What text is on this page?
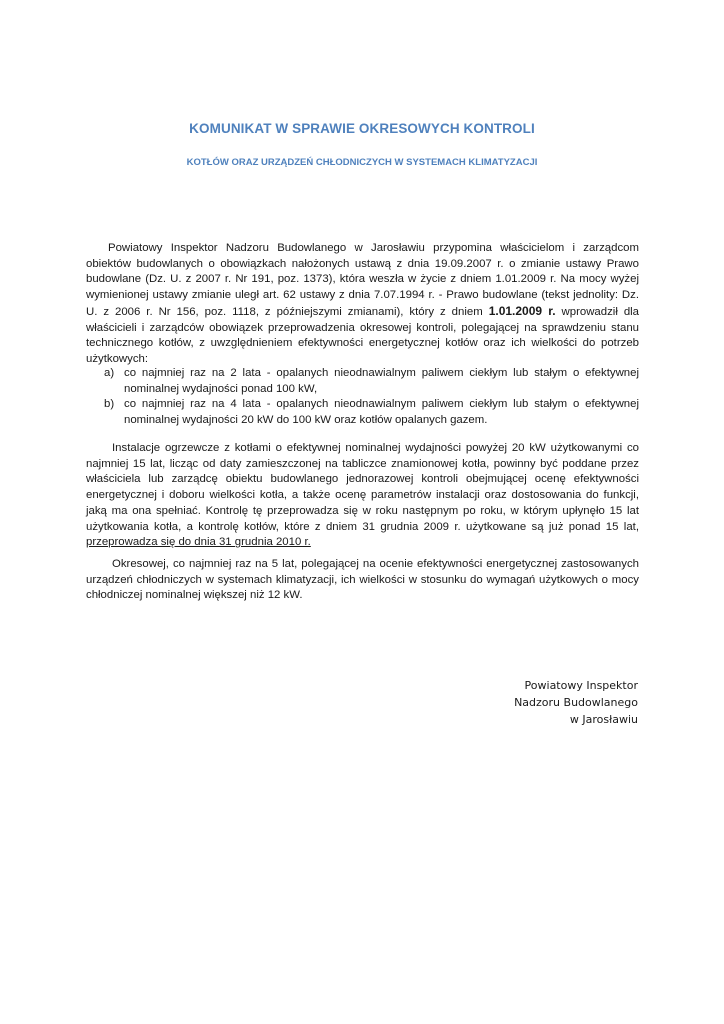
KOMUNIKAT W SPRAWIE OKRESOWYCH KONTROLI
KOTŁÓW ORAZ URZĄDZEŃ CHŁODNICZYCH W SYSTEMACH KLIMATYZACJI

Powiatowy Inspektor Nadzoru Budowlanego w Jarosławiu przypomina właścicielom i zarządcom obiektów budowlanych o obowiązkach nałożonych ustawą z dnia 19.09.2007 r. o zmianie ustawy Prawo budowlane (Dz. U. z 2007 r. Nr 191, poz. 1373), która weszła w życie z dniem 1.01.2009 r. Na mocy wyżej wymienionej ustawy zmianie uległ art. 62 ustawy z dnia 7.07.1994 r. - Prawo budowlane (tekst jednolity: Dz. U. z 2006 r. Nr 156, poz. 1118, z późniejszymi zmianami), który z dniem 1.01.2009 r. wprowadził dla właścicieli i zarządców obowiązek przeprowadzenia okresowej kontroli, polegającej na sprawdzeniu stanu technicznego kotłów, z uwzględnieniem efektywności energetycznej kotłów oraz ich wielkości do potrzeb użytkowych:

a) co najmniej raz na 2 lata - opalanych nieodnawialnym paliwem ciekłym lub stałym o efektywnej nominalnej wydajności ponad 100 kW,
b) co najmniej raz na 4 lata - opalanych nieodnawialnym paliwem ciekłym lub stałym o efektywnej nominalnej wydajności 20 kW do 100 kW oraz kotłów opalanych gazem.

Instalacje ogrzewcze z kotłami o efektywnej nominalnej wydajności powyżej 20 kW użytkowanymi co najmniej 15 lat, licząc od daty zamieszczonej na tabliczce znamionowej kotła, powinny być poddane przez właściciela lub zarządcę obiektu budowlanego jednorazowej kontroli obejmującej ocenę efektywności energetycznej i doboru wielkości kotła, a także ocenę parametrów instalacji oraz dostosowania do funkcji, jaką ma ona spełniać. Kontrolę tę przeprowadza się w roku następnym po roku, w którym upłynęło 15 lat użytkowania kotła, a kontrolę kotłów, które z dniem 31 grudnia 2009 r. użytkowane są już ponad 15 lat, przeprowadza się do dnia 31 grudnia 2010 r.

Okresowej, co najmniej raz na 5 lat, polegającej na ocenie efektywności energetycznej zastosowanych urządzeń chłodniczych w systemach klimatyzacji, ich wielkości w stosunku do wymagań użytkowych o mocy chłodniczej nominalnej większej niż 12 kW.

Powiatowy Inspektor
Nadzoru Budowlanego
w Jarosławiu
